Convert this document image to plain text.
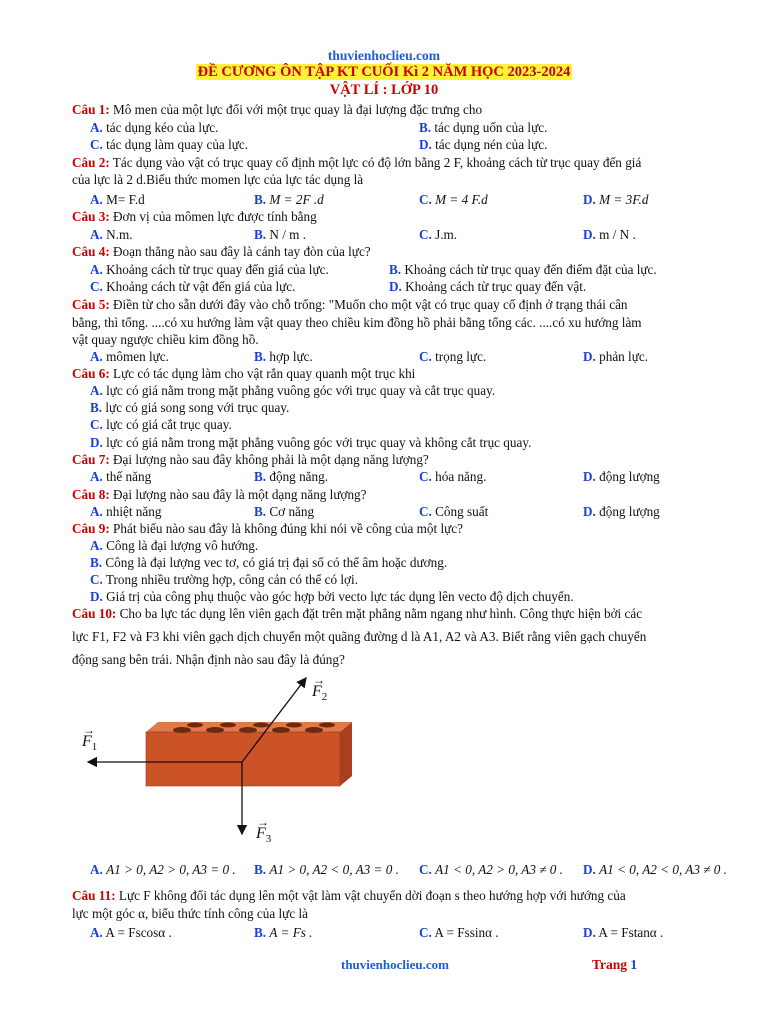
thuvienhoclieu.com
ĐỀ CƯƠNG ÔN TẬP KT CUỐI Kì 2 NĂM HỌC 2023-2024
VẬT LÍ : LỚP 10
Câu 1: Mô men của một lực đối với một trục quay là đại lượng đặc trưng cho
A. tác dụng kéo của lực.	B. tác dụng uốn của lực.
C. tác dụng làm quay của lực.	D. tác dụng nén của lực.
Câu 2: Tác dụng vào vật có trục quay cố định một lực có độ lớn bằng 2 F, khoảng cách từ trục quay đến giá
của lực là 2 d.Biểu thức momen lực của lực tác dụng là
A. M= F.d	B. M = 2F .d	C. M = 4 F.d	D. M = 3F.d
Câu 3: Đơn vị của mômen lực được tính bằng
A. N.m.	B. N / m .	C. J.m.	D. m / N .
Câu 4: Đoạn thẳng nào sau đây là cánh tay đòn của lực?
A. Khoảng cách từ trục quay đến giá của lực.	B. Khoảng cách từ trục quay đến điểm đặt của lực.
C. Khoảng cách từ vật đến giá của lực.	D. Khoảng cách từ trục quay đến vật.
Câu 5: Điền từ cho sẵn dưới đây vào chỗ trống: "Muốn cho một vật có trục quay cố định ở trạng thái cân
bằng, thì tổng. ....có xu hướng làm vật quay theo chiều kim đồng hồ phải bằng tổng các. ....có xu hướng làm
vật quay ngược chiều kim đồng hồ.
A. mômen lực.	B. hợp lực.	C. trọng lực.	D. phản lực.
Câu 6: Lực có tác dụng làm cho vật rắn quay quanh một trục khi
A. lực có giá nằm trong mặt phẳng vuông góc với trục quay và cắt trục quay.
B. lực có giá song song với trục quay.
C. lực có giá cắt trục quay.
D. lực có giá nằm trong mặt phẳng vuông góc với trục quay và không cắt trục quay.
Câu 7: Đại lượng nào sau đây không phải là một dạng năng lượng?
A. thế năng	B. động năng.	C. hóa năng.	D. động lượng
Câu 8: Đại lượng nào sau đây là một dạng năng lượng?
A. nhiệt năng	B. Cơ năng	C. Công suất	D. động lượng
Câu 9: Phát biểu nào sau đây là không đúng khi nói về công của một lực?
A. Công là đại lượng vô hướng.
B. Công là đại lượng vec tơ, có giá trị đại số có thể âm hoặc dương.
C. Trong nhiều trường hợp, công cản có thể có lợi.
D. Giá trị của công phụ thuộc vào góc hợp bởi vecto lực tác dụng lên vecto độ dịch chuyển.
Câu 10: Cho ba lực tác dụng lên viên gạch đặt trên mặt phẳng nằm ngang như hình. Công thực hiện bởi các
lực F1, F2 và F3 khi viên gạch dịch chuyển một quãng đường d là A1, A2 và A3. Biết rằng viên gạch chuyển
động sang bên trái. Nhận định nào sau đây là đúng?
→
$F_1$
→
$F_2$
→
$F_3$
A. A1 > 0, A2 > 0, A3 = 0 . B. A1 > 0, A2 < 0, A3 = 0 . C. A1 < 0, A2 > 0, A3 ≠ 0 . D. A1 < 0, A2 < 0, A3 ≠ 0 .
Câu 11: Lực F không đổi tác dụng lên một vật làm vật chuyển dời đoạn s theo hướng hợp với hướng của
lực một góc α, biểu thức tính công của lực là
A. A = Fscosα .	B. A = Fs .	C. A = Fssinα .	D. A = Fstanα .
thuvienhoclieu.com	Trang 1
